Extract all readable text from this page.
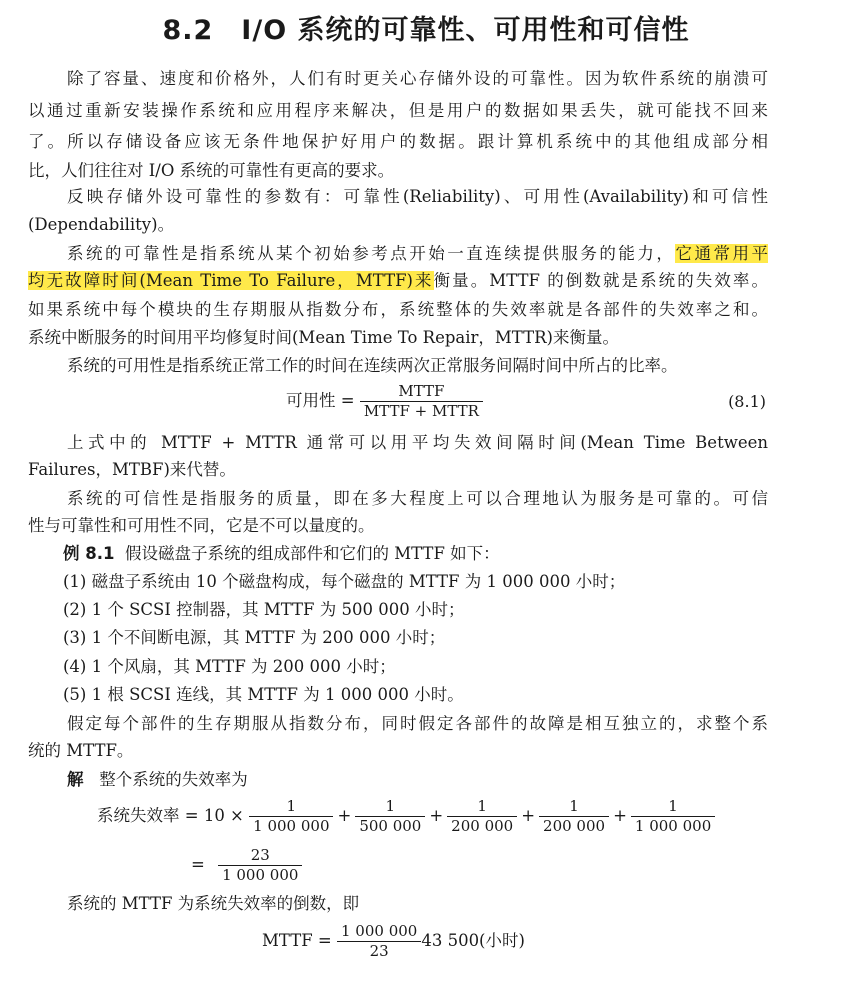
8.2 I/O 系统的可靠性、可用性和可信性

除了容量、速度和价格外，人们有时更关心存储外设的可靠性。因为软件系统的崩溃可

以通过重新安装操作系统和应用程序来解决，但是用户的数据如果丢失，就可能找不回来

了。所以存储设备应该无条件地保护好用户的数据。跟计算机系统中的其他组成部分相

比，人们往往对 I/O 系统的可靠性有更高的要求。

反映存储外设可靠性的参数有：可靠性(Reliability)、可用性(Availability)和可信性

(Dependability)。

系统的可靠性是指系统从某个初始参考点开始一直连续提供服务的能力，它通常用平

均无故障时间(Mean Time To Failure，MTTF)来衡量。MTTF 的倒数就是系统的失效率。

如果系统中每个模块的生存期服从指数分布，系统整体的失效率就是各部件的失效率之和。

系统中断服务的时间用平均修复时间(Mean Time To Repair，MTTR)来衡量。

系统的可用性是指系统正常工作的时间在连续两次正常服务间隔时间中所占的比率。

可用性 = $\frac{\text{MTTF}}{\text{MTTF + MTTR}}$	(8.1)

上式中的 MTTF + MTTR 通常可以用平均失效间隔时间(Mean Time Between

Failures，MTBF)来代替。

系统的可信性是指服务的质量，即在多大程度上可以合理地认为服务是可靠的。可信

性与可靠性和可用性不同，它是不可以量度的。

例 8.1 假设磁盘子系统的组成部件和它们的 MTTF 如下：

(1) 磁盘子系统由 10 个磁盘构成，每个磁盘的 MTTF 为 1 000 000 小时；

(2) 1 个 SCSI 控制器，其 MTTF 为 500 000 小时；

(3) 1 个不间断电源，其 MTTF 为 200 000 小时；

(4) 1 个风扇，其 MTTF 为 200 000 小时；

(5) 1 根 SCSI 连线，其 MTTF 为 1 000 000 小时。

假定每个部件的生存期服从指数分布，同时假定各部件的故障是相互独立的，求整个系

统的 MTTF。

解 整个系统的失效率为

系统失效率 = $10 \times \frac{1}{1 000 000} + \frac{1}{500 000} + \frac{1}{200 000} + \frac{1}{200 000} + \frac{1}{1 000 000}$
= $\frac{23}{1 000 000}$

系统的 MTTF 为系统失效率的倒数，即

MTTF = $\frac{1 000 000}{23} 43$ 500(小时)
